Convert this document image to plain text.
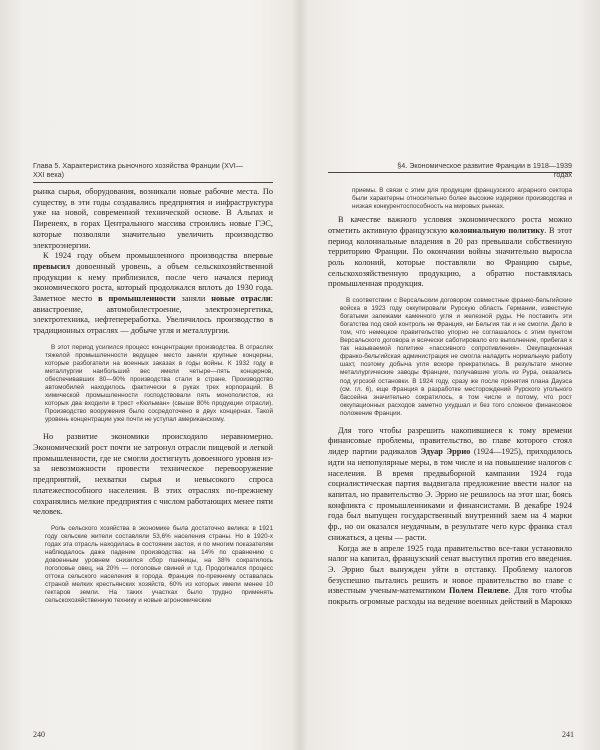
Глава 5. Характеристика рыночного хозяйства Франции (XVI—XXI века)

рынка сырья, оборудования, возникали новые рабочие места. По существу, в эти годы создавались предприятия и инфраструктура уже на новой, современной технической основе. В Альпах и Пиренеях, в горах Центрального массива строились новые ГЭС, которые позволяли значительно увеличить производство электроэнергии.

К 1924 году объем промышленного производства впервые превысил довоенный уровень, а объем сельскохозяйственной продукции к нему приблизился, после чего начался период экономического роста, который продолжался вплоть до 1930 года. Заметное место в промышленности заняли новые отрасли: авиастроение, автомобилестроение, электроэнергетика, электротехника, нефтепереработка. Увеличилось производство в традиционных отраслях — добыче угля и металлургии.

В этот период усилился процесс концентрации производства. В отраслях тяжелой промышленности ведущее место заняли крупные концерны, которые разбогатели на военных заказах в годы войны. К 1932 году в металлургии наибольший вес имели четыре—пять концернов, обеспечивавших 80—90% производства стали в стране. Производство автомобилей находилось фактически в руках трех корпораций. В химической промышленности господствовали пять монополистов, из которых два входили в трест «Кюльман» (свыше 80% продукции отрасли). Производство вооружения было сосредоточено в двух концернах. Такой уровень концентрации уже почти не уступал американскому.

Но развитие экономики происходило неравномерно. Экономический рост почти не затронул отрасли пищевой и легкой промышленности, где не смогли достигнуть довоенного уровня из-за невозможности провести техническое перевооружение предприятий, нехватки сырья и невысокого спроса платежеспособного населения. В этих отраслях по-прежнему сохранялись мелкие предприятия с числом работающих менее пяти человек.

Роль сельского хозяйства в экономике была достаточно велика: в 1921 году сельские жители составляли 53,6% населения страны. Но в 1920-х годах эта отрасль находилась в состоянии застоя, и по многим показателям наблюдалось даже падение производства: на 14% по сравнению с довоенным уровнем снизился сбор пшеницы, на 38% сократилось поголовье овец, на 20% — поголовье свиней и т.д. Продолжался процесс оттока сельского населения в города. Франция по-прежнему оставалась страной мелких крестьянских хозяйств, 60% из которых имели менее 10 гектаров земли. На таких участках было трудно применять сельскохозяйственную технику и новые агрономические

240
§4. Экономическое развитие Франции в 1918—1939 годах

приемы. В связи с этим для продукции французского аграрного сектора были характерны относительно более высокие издержки производства и низкая конкурентоспособность на мировых рынках.

В качестве важного условия экономического роста можно отметить активную французскую колониальную политику. В этот период колониальные владения в 20 раз превышали собственную территорию Франции. По окончании войны значительно выросла роль колоний, которые поставляли во Францию сырье, сельскохозяйственную продукцию, а обратно поставлялась промышленная продукция.

В соответствии с Версальским договором совместные франко-бельгийские войска в 1923 году оккупировали Рурскую область Германии, известную богатыми залежами каменного угля и железной руды. Не поставить эти богатства под свой контроль не Франция, ни Бельгия так и не смогли. Дело в том, что немецкое правительство упорно не соглашалось с этим пунктом Версальского договора и всячески саботировало его выполнение, прибегая к так называемой политике «пассивного сопротивления». Оккупационная франко-бельгийская администрация не смогла наладить нормальную работу шахт, поэтому добыча угля вскоре прекратилась. В результате многие металлургические заводы Франции, получавшие уголь из Рура, оказались под угрозой остановки. В 1924 году, сразу же после принятия плана Дауэса (см. гл. 6), еще Франция в разработке месторождений Рурского угольного бассейна значительно сократилось, в том числе и потому, что рост оккупационных расходов заметно ухудшал и без того сложное финансовое положение Франции.

Для того чтобы разрешить накопившиеся к тому времени финансовые проблемы, правительство, во главе которого стоял лидер партии радикалов Эдуар Эррио (1924—1925), приходилось идти на непопулярные меры, в том числе и на повышение налогов с населения. В время предвыборной кампании 1924 года социалистическая партия выдвигала предложение ввести налог на капитал, но правительство Э. Эррио не решилось на этот шаг, боясь конфликта с промышленниками и финансистами. В декабре 1924 года был выпущен государственный внутренний заем на 4 марки фр., но он оказался неудачным, в результате чего курс франка стал снижаться, а цены — расти.

Когда же в апреле 1925 года правительство все-таки установило налог на капитал, французский сенат выступил против его введения. Э. Эррио был вынужден уйти в отставку. Проблему налогов безуспешно пытались решить и новое правительство во главе с известным ученым-математиком Полем Пенлеве. Для того чтобы покрыть огромные расходы на ведение военных действий в Марокко

241
